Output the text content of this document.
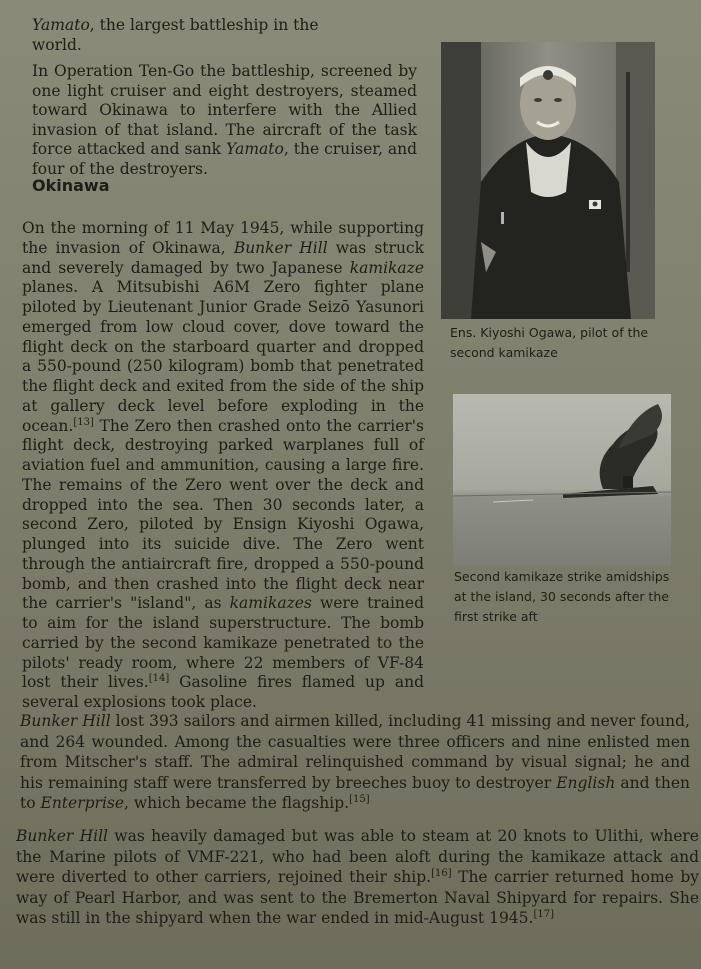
Yamato, the largest battleship in the world.

In Operation Ten-Go the battleship, screened by one light cruiser and eight destroyers, steamed toward Okinawa to interfere with the Allied invasion of that island. The aircraft of the task force attacked and sank Yamato, the cruiser, and four of the destroyers.

Okinawa

On the morning of 11 May 1945, while supporting the invasion of Okinawa, Bunker Hill was struck and severely damaged by two Japanese kamikaze planes. A Mitsubishi A6M Zero fighter plane piloted by Lieutenant Junior Grade Seizō Yasunori emerged from low cloud cover, dove toward the flight deck on the starboard quarter and dropped a 550-pound (250 kilogram) bomb that penetrated the flight deck and exited from the side of the ship at gallery deck level before exploding in the ocean.[13] The Zero then crashed onto the carrier's flight deck, destroying parked warplanes full of aviation fuel and ammunition, causing a large fire. The remains of the Zero went over the deck and dropped into the sea. Then 30 seconds later, a second Zero, piloted by Ensign Kiyoshi Ogawa, plunged into its suicide dive. The Zero went through the antiaircraft fire, dropped a 550-pound bomb, and then crashed into the flight deck near the carrier's "island", as kamikazes were trained to aim for the island superstructure. The bomb carried by the second kamikaze penetrated to the pilots' ready room, where 22 members of VF-84 lost their lives.[14] Gasoline fires flamed up and several explosions took place.

Ens. Kiyoshi Ogawa, pilot of the second kamikaze

Second kamikaze strike amidships at the island, 30 seconds after the first strike aft

Bunker Hill lost 393 sailors and airmen killed, including 41 missing and never found, and 264 wounded. Among the casualties were three officers and nine enlisted men from Mitscher's staff. The admiral relinquished command by visual signal; he and his remaining staff were transferred by breeches buoy to destroyer English and then to Enterprise, which became the flagship.[15]

Bunker Hill was heavily damaged but was able to steam at 20 knots to Ulithi, where the Marine pilots of VMF-221, who had been aloft during the kamikaze attack and were diverted to other carriers, rejoined their ship.[16] The carrier returned home by way of Pearl Harbor, and was sent to the Bremerton Naval Shipyard for repairs. She was still in the shipyard when the war ended in mid-August 1945.[17]
